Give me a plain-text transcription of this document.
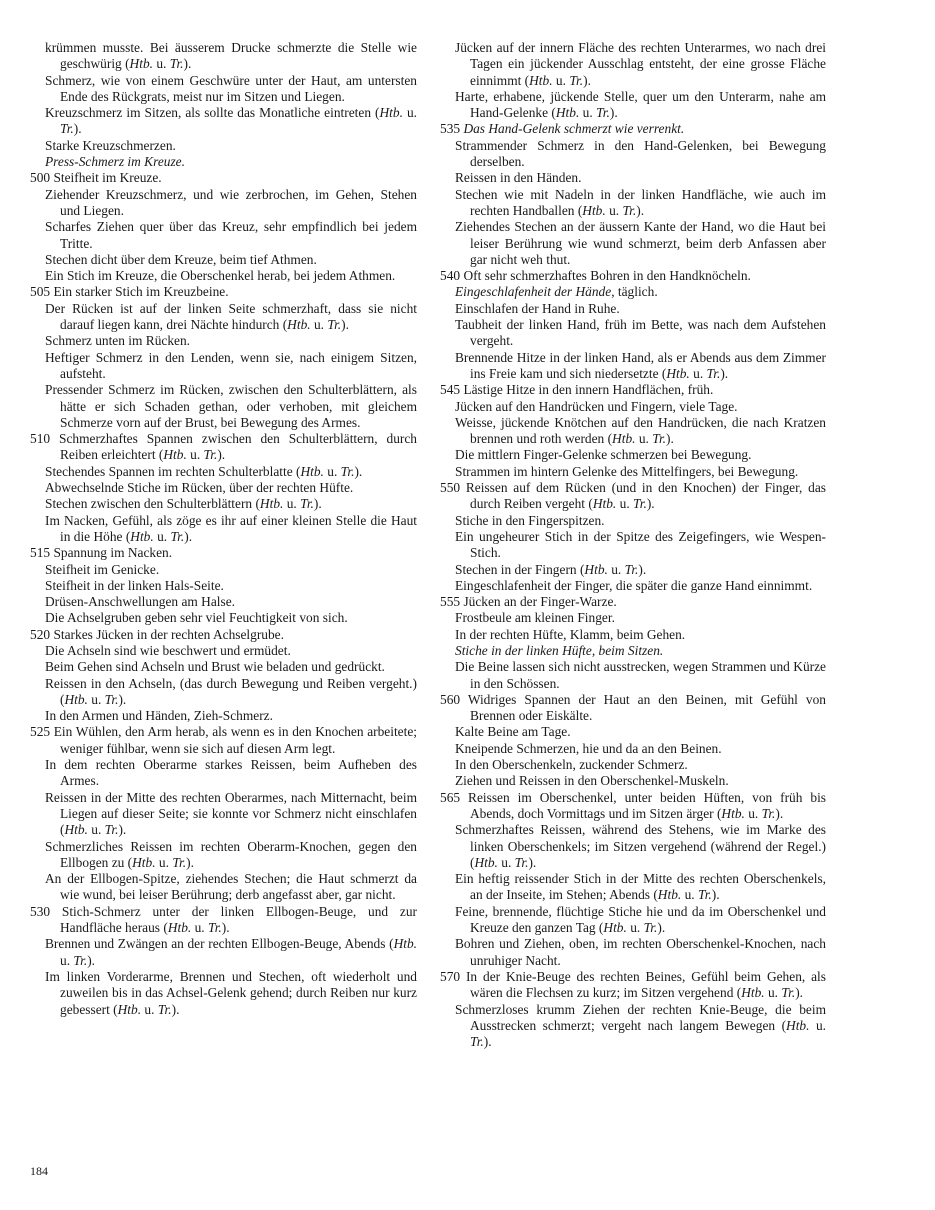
krümmen musste. Bei äusserem Drucke schmerzte die Stelle wie geschwürig (Htb. u. Tr.).

Schmerz, wie von einem Geschwüre unter der Haut, am untersten Ende des Rückgrats, meist nur im Sitzen und Liegen.

Kreuzschmerz im Sitzen, als sollte das Monatliche eintreten (Htb. u. Tr.).

Starke Kreuzschmerzen.

Press-Schmerz im Kreuze.

500 Steifheit im Kreuze.

Ziehender Kreuzschmerz, und wie zerbrochen, im Gehen, Stehen und Liegen.

Scharfes Ziehen quer über das Kreuz, sehr empfindlich bei jedem Tritte.

Stechen dicht über dem Kreuze, beim tief Athmen.

Ein Stich im Kreuze, die Oberschenkel herab, bei jedem Athmen.

505 Ein starker Stich im Kreuzbeine.

Der Rücken ist auf der linken Seite schmerzhaft, dass sie nicht darauf liegen kann, drei Nächte hindurch (Htb. u. Tr.).

Schmerz unten im Rücken.

Heftiger Schmerz in den Lenden, wenn sie, nach einigem Sitzen, aufsteht.

Pressender Schmerz im Rücken, zwischen den Schulterblättern, als hätte er sich Schaden gethan, oder verhoben, mit gleichem Schmerze vorn auf der Brust, bei Bewegung des Armes.

510 Schmerzhaftes Spannen zwischen den Schulterblättern, durch Reiben erleichtert (Htb. u. Tr.).

Stechendes Spannen im rechten Schulterblatte (Htb. u. Tr.).

Abwechselnde Stiche im Rücken, über der rechten Hüfte.

Stechen zwischen den Schulterblättern (Htb. u. Tr.).

Im Nacken, Gefühl, als zöge es ihr auf einer kleinen Stelle die Haut in die Höhe (Htb. u. Tr.).

515 Spannung im Nacken.

Steifheit im Genicke.

Steifheit in der linken Hals-Seite.

Drüsen-Anschwellungen am Halse.

Die Achselgruben geben sehr viel Feuchtigkeit von sich.

520 Starkes Jücken in der rechten Achselgrube.

Die Achseln sind wie beschwert und ermüdet.

Beim Gehen sind Achseln und Brust wie beladen und gedrückt.

Reissen in den Achseln, (das durch Bewegung und Reiben vergeht.) (Htb. u. Tr.).

In den Armen und Händen, Zieh-Schmerz.

525 Ein Wühlen, den Arm herab, als wenn es in den Knochen arbeitete; weniger fühlbar, wenn sie sich auf diesen Arm legt.

In dem rechten Oberarme starkes Reissen, beim Aufheben des Armes.

Reissen in der Mitte des rechten Oberarmes, nach Mitternacht, beim Liegen auf dieser Seite; sie konnte vor Schmerz nicht einschlafen (Htb. u. Tr.).

Schmerzliches Reissen im rechten Oberarm-Knochen, gegen den Ellbogen zu (Htb. u. Tr.).

An der Ellbogen-Spitze, ziehendes Stechen; die Haut schmerzt da wie wund, bei leiser Berührung; derb angefasst aber, gar nicht.

530 Stich-Schmerz unter der linken Ellbogen-Beuge, und zur Handfläche heraus (Htb. u. Tr.).

Brennen und Zwängen an der rechten Ellbogen-Beuge, Abends (Htb. u. Tr.).

Im linken Vorderarme, Brennen und Stechen, oft wiederholt und zuweilen bis in das Achsel-Gelenk gehend; durch Reiben nur kurz gebessert (Htb. u. Tr.).

Jücken auf der innern Fläche des rechten Unterarmes, wo nach drei Tagen ein jückender Ausschlag entsteht, der eine grosse Fläche einnimmt (Htb. u. Tr.).

Harte, erhabene, jückende Stelle, quer um den Unterarm, nahe am Hand-Gelenke (Htb. u. Tr.).

535 Das Hand-Gelenk schmerzt wie verrenkt.

Strammender Schmerz in den Hand-Gelenken, bei Bewegung derselben.

Reissen in den Händen.

Stechen wie mit Nadeln in der linken Handfläche, wie auch im rechten Handballen (Htb. u. Tr.).

Ziehendes Stechen an der äussern Kante der Hand, wo die Haut bei leiser Berührung wie wund schmerzt, beim derb Anfassen aber gar nicht weh thut.

540 Oft sehr schmerzhaftes Bohren in den Handknöcheln.

Eingeschlafenheit der Hände, täglich.

Einschlafen der Hand in Ruhe.

Taubheit der linken Hand, früh im Bette, was nach dem Aufstehen vergeht.

Brennende Hitze in der linken Hand, als er Abends aus dem Zimmer ins Freie kam und sich niedersetzte (Htb. u. Tr.).

545 Lästige Hitze in den innern Handflächen, früh.

Jücken auf den Handrücken und Fingern, viele Tage.

Weisse, jückende Knötchen auf den Handrücken, die nach Kratzen brennen und roth werden (Htb. u. Tr.).

Die mittlern Finger-Gelenke schmerzen bei Bewegung.

Strammen im hintern Gelenke des Mittelfingers, bei Bewegung.

550 Reissen auf dem Rücken (und in den Knochen) der Finger, das durch Reiben vergeht (Htb. u. Tr.).

Stiche in den Fingerspitzen.

Ein ungeheurer Stich in der Spitze des Zeigefingers, wie Wespen-Stich.

Stechen in der Fingern (Htb. u. Tr.).

Eingeschlafenheit der Finger, die später die ganze Hand einnimmt.

555 Jücken an der Finger-Warze.

Frostbeule am kleinen Finger.

In der rechten Hüfte, Klamm, beim Gehen.

Stiche in der linken Hüfte, beim Sitzen.

Die Beine lassen sich nicht ausstrecken, wegen Strammen und Kürze in den Schössen.

560 Widriges Spannen der Haut an den Beinen, mit Gefühl von Brennen oder Eiskälte.

Kalte Beine am Tage.

Kneipende Schmerzen, hie und da an den Beinen.

In den Oberschenkeln, zuckender Schmerz.

Ziehen und Reissen in den Oberschenkel-Muskeln.

565 Reissen im Oberschenkel, unter beiden Hüften, von früh bis Abends, doch Vormittags und im Sitzen ärger (Htb. u. Tr.).

Schmerzhaftes Reissen, während des Stehens, wie im Marke des linken Oberschenkels; im Sitzen vergehend (während der Regel.) (Htb. u. Tr.).

Ein heftig reissender Stich in der Mitte des rechten Oberschenkels, an der Inseite, im Stehen; Abends (Htb. u. Tr.).

Feine, brennende, flüchtige Stiche hie und da im Oberschenkel und Kreuze den ganzen Tag (Htb. u. Tr.).

Bohren und Ziehen, oben, im rechten Oberschenkel-Knochen, nach unruhiger Nacht.

570 In der Knie-Beuge des rechten Beines, Gefühl beim Gehen, als wären die Flechsen zu kurz; im Sitzen vergehend (Htb. u. Tr.).

Schmerzloses krumm Ziehen der rechten Knie-Beuge, die beim Ausstrecken schmerzt; vergeht nach langem Bewegen (Htb. u. Tr.).

184
